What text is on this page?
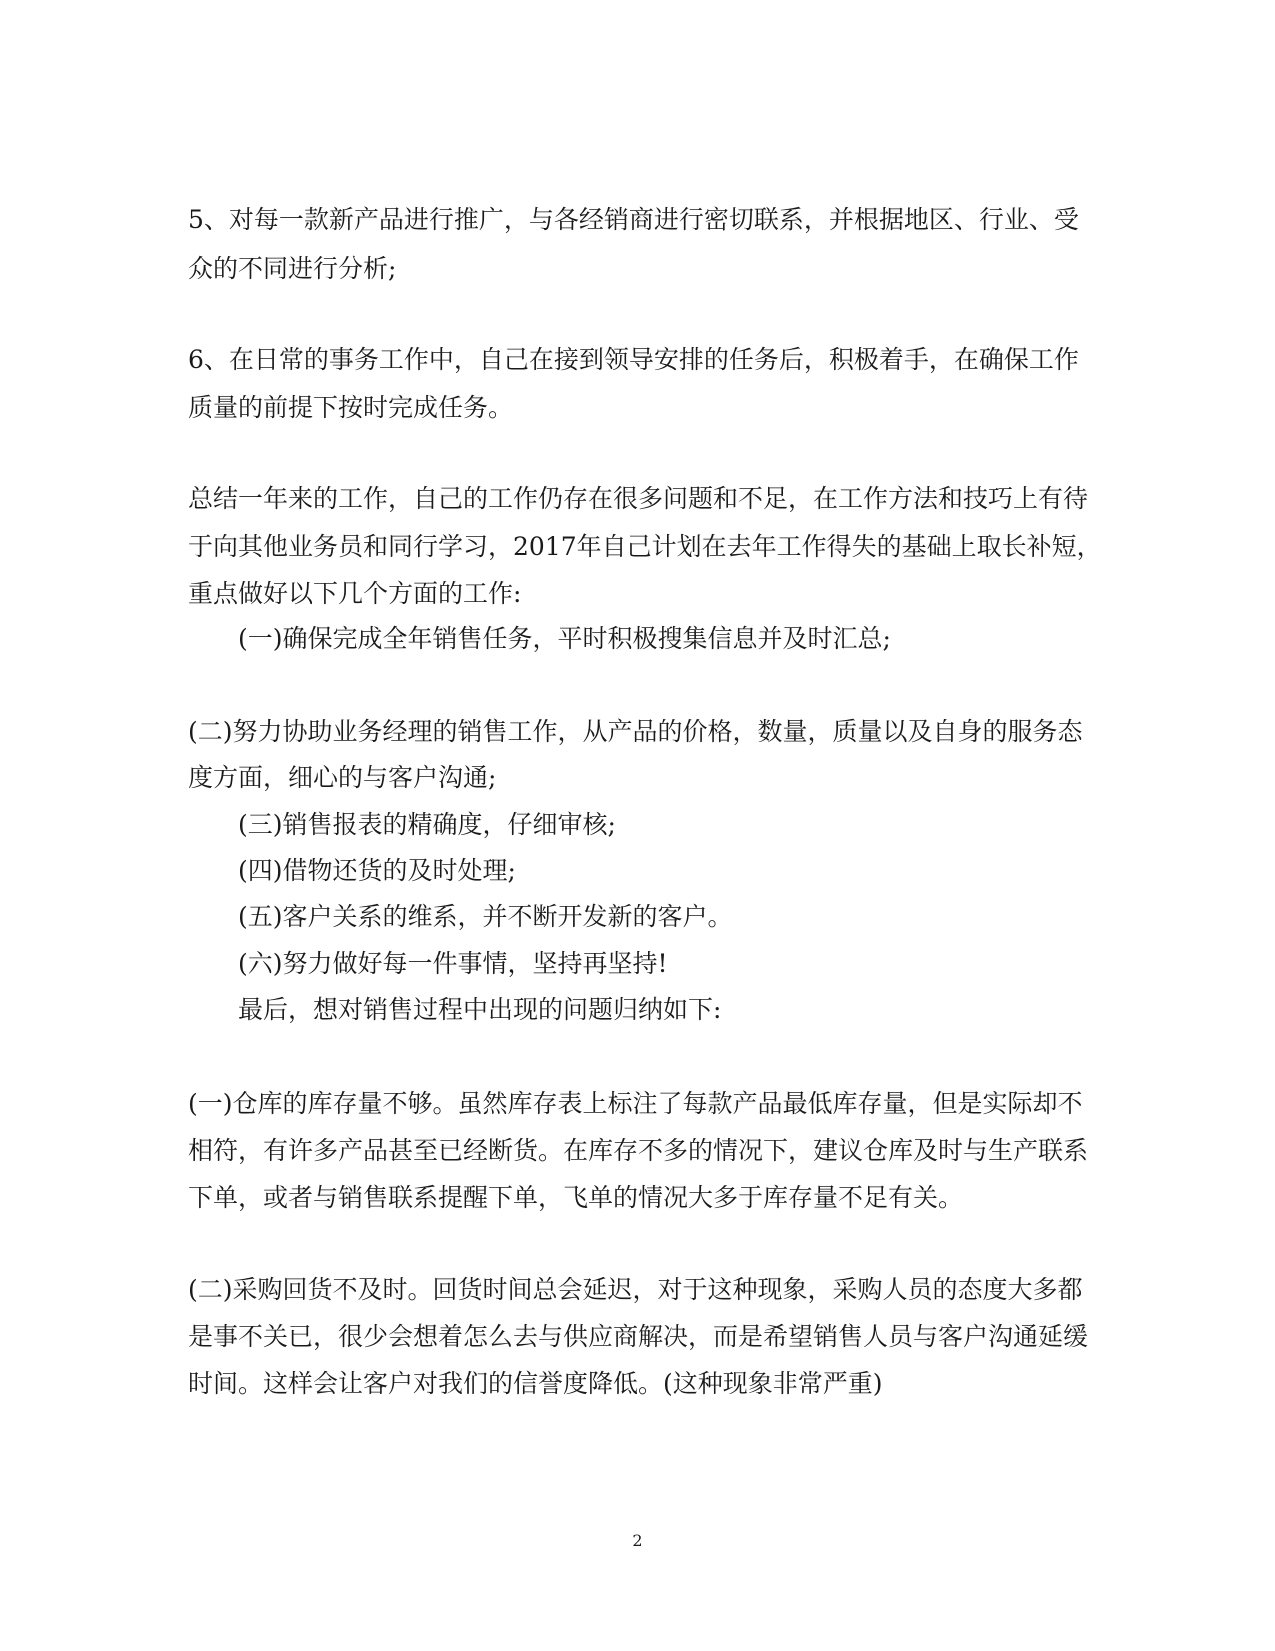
5、对每一款新产品进行推广，与各经销商进行密切联系，并根据地区、行业、受

众的不同进行分析;

6、在日常的事务工作中，自己在接到领导安排的任务后，积极着手，在确保工作

质量的前提下按时完成任务。

总结一年来的工作，自己的工作仍存在很多问题和不足，在工作方法和技巧上有待

于向其他业务员和同行学习，2017年自己计划在去年工作得失的基础上取长补短，

重点做好以下几个方面的工作:

(一)确保完成全年销售任务，平时积极搜集信息并及时汇总;

(二)努力协助业务经理的销售工作，从产品的价格，数量，质量以及自身的服务态

度方面，细心的与客户沟通;

(三)销售报表的精确度，仔细审核;

(四)借物还货的及时处理;

(五)客户关系的维系，并不断开发新的客户。

(六)努力做好每一件事情，坚持再坚持!

最后，想对销售过程中出现的问题归纳如下:

(一)仓库的库存量不够。虽然库存表上标注了每款产品最低库存量，但是实际却不

相符，有许多产品甚至已经断货。在库存不多的情况下，建议仓库及时与生产联系

下单，或者与销售联系提醒下单，飞单的情况大多于库存量不足有关。

(二)采购回货不及时。回货时间总会延迟，对于这种现象，采购人员的态度大多都

是事不关已，很少会想着怎么去与供应商解决，而是希望销售人员与客户沟通延缓

时间。这样会让客户对我们的信誉度降低。(这种现象非常严重)

2
